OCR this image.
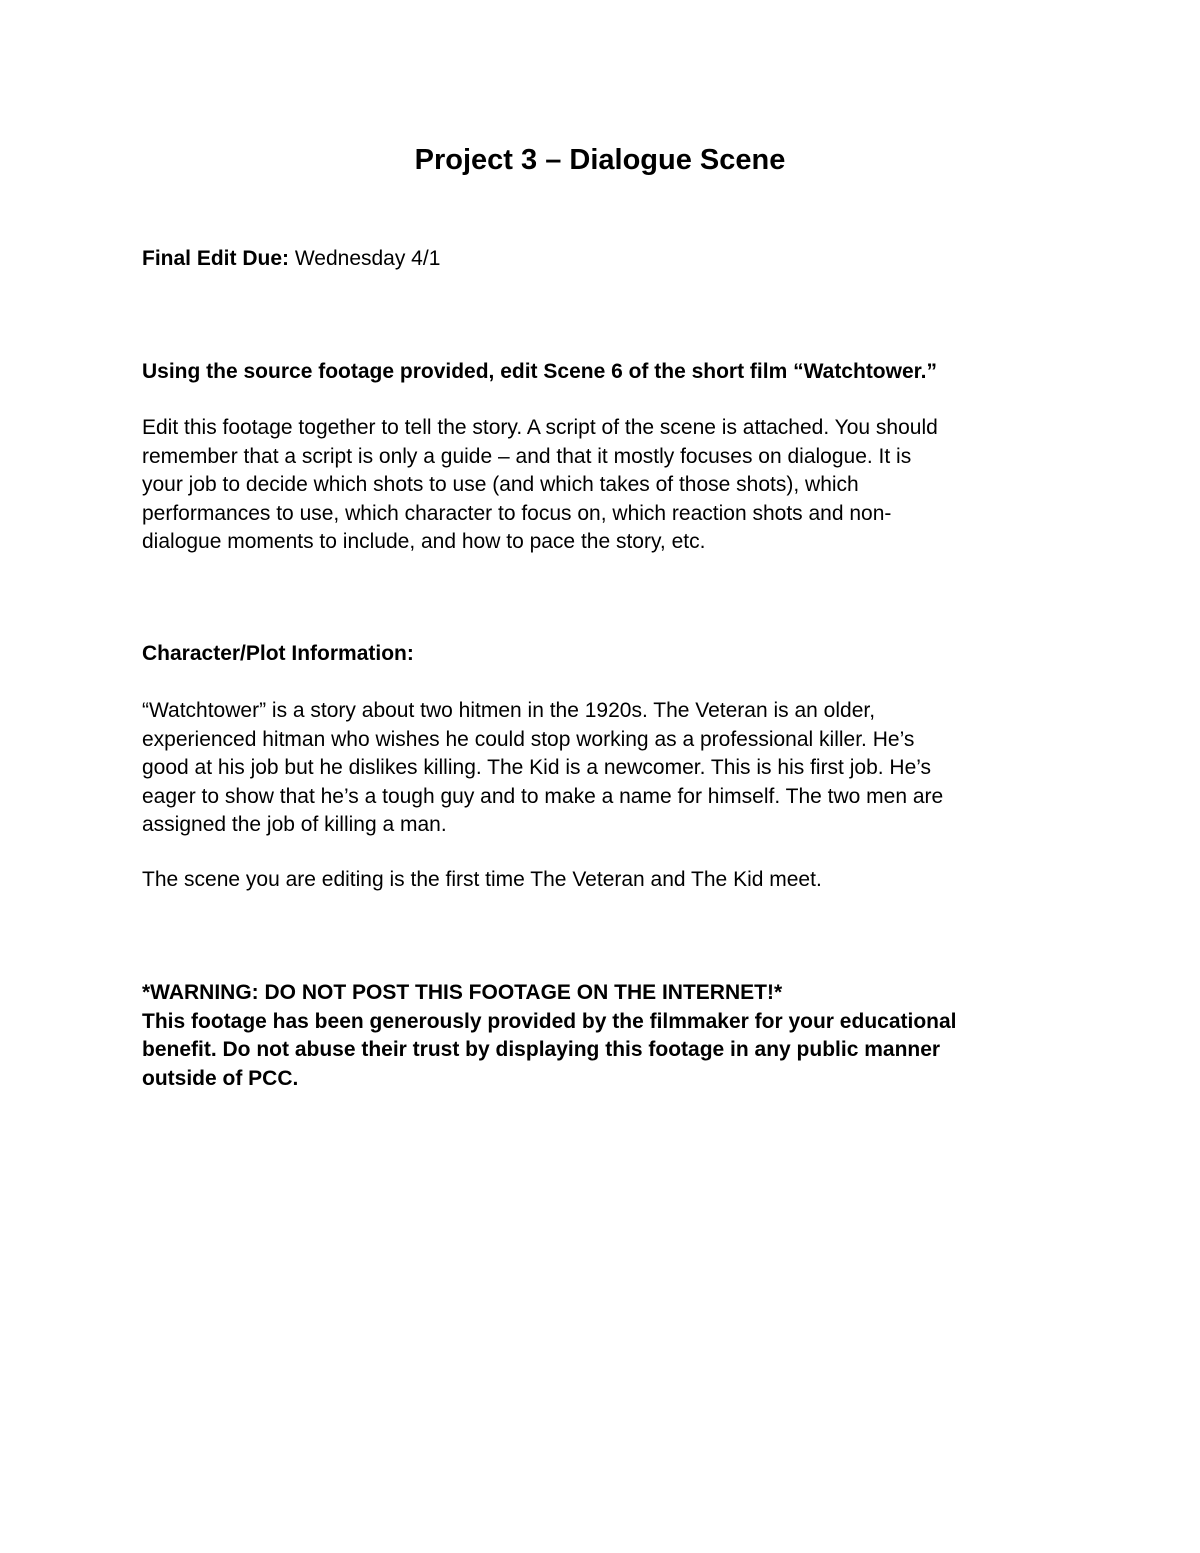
Project 3 – Dialogue Scene
Final Edit Due: Wednesday 4/1
Using the source footage provided, edit Scene 6 of the short film “Watchtower.”
Edit this footage together to tell the story. A script of the scene is attached. You should
remember that a script is only a guide – and that it mostly focuses on dialogue. It is
your job to decide which shots to use (and which takes of those shots), which
performances to use, which character to focus on, which reaction shots and non-
dialogue moments to include, and how to pace the story, etc.
Character/Plot Information:
“Watchtower” is a story about two hitmen in the 1920s. The Veteran is an older,
experienced hitman who wishes he could stop working as a professional killer. He’s
good at his job but he dislikes killing. The Kid is a newcomer. This is his first job. He’s
eager to show that he’s a tough guy and to make a name for himself. The two men are
assigned the job of killing a man.
The scene you are editing is the first time The Veteran and The Kid meet.
*WARNING: DO NOT POST THIS FOOTAGE ON THE INTERNET!*
This footage has been generously provided by the filmmaker for your educational
benefit. Do not abuse their trust by displaying this footage in any public manner
outside of PCC.
